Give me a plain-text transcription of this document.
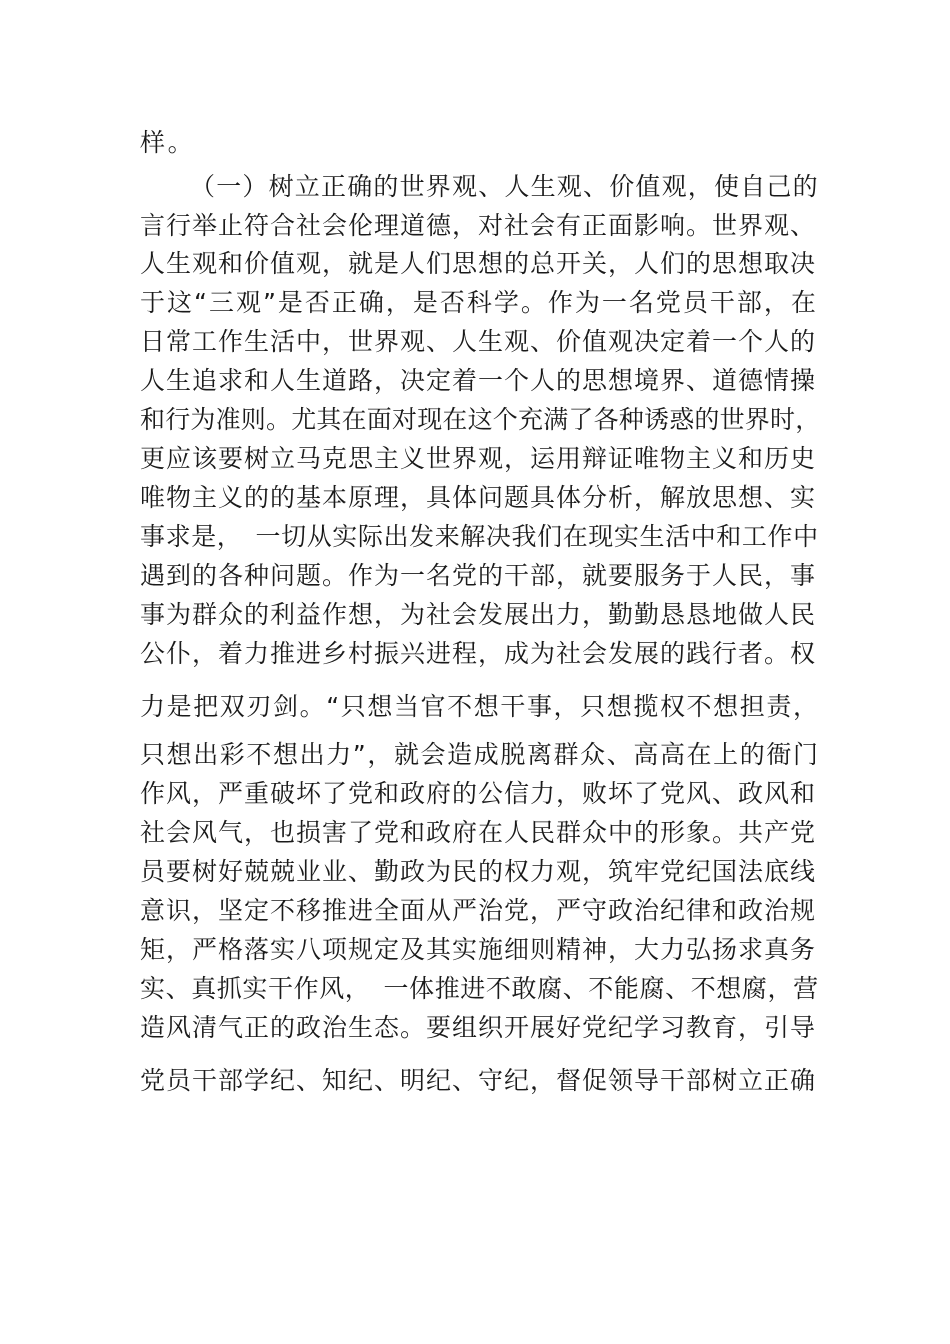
样。
（一）树立正确的世界观、人生观、价值观，使自己的
言行举止符合社会伦理道德，对社会有正面影响。世界观、
人生观和价值观，就是人们思想的总开关，人们的思想取决
于这“三观”是否正确，是否科学。作为一名党员干部，在
日常工作生活中，世界观、人生观、价值观决定着一个人的
人生追求和人生道路，决定着一个人的思想境界、道德情操
和行为准则。尤其在面对现在这个充满了各种诱惑的世界时，
更应该要树立马克思主义世界观，运用辩证唯物主义和历史
唯物主义的的基本原理，具体问题具体分析，解放思想、实
事求是，　一切从实际出发来解决我们在现实生活中和工作中
遇到的各种问题。作为一名党的干部，就要服务于人民，事
事为群众的利益作想，为社会发展出力，勤勤恳恳地做人民
公仆，着力推进乡村振兴进程，成为社会发展的践行者。权
力是把双刃剑。“只想当官不想干事，只想揽权不想担责，
只想出彩不想出力”，就会造成脱离群众、高高在上的衙门
作风，严重破坏了党和政府的公信力，败坏了党风、政风和
社会风气，也损害了党和政府在人民群众中的形象。共产党
员要树好兢兢业业、勤政为民的权力观，筑牢党纪国法底线
意识，坚定不移推进全面从严治党，严守政治纪律和政治规
矩，严格落实八项规定及其实施细则精神，大力弘扬求真务
实、真抓实干作风，　一体推进不敢腐、不能腐、不想腐，营
造风清气正的政治生态。要组织开展好党纪学习教育，引导
党员干部学纪、知纪、明纪、守纪，督促领导干部树立正确
